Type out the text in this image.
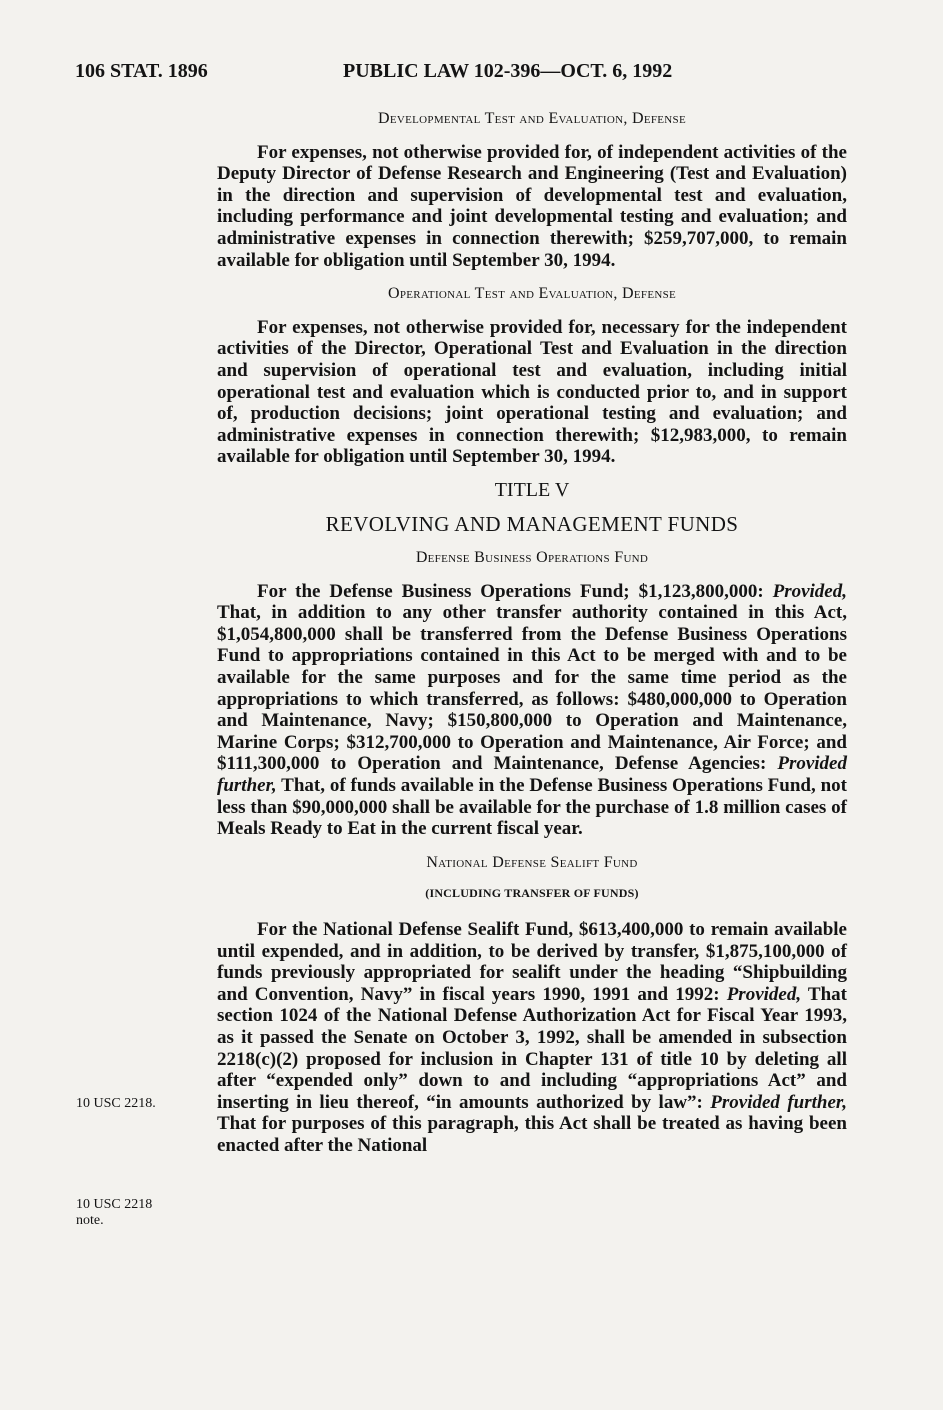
106 STAT. 1896	PUBLIC LAW 102-396—OCT. 6, 1992
Developmental Test and Evaluation, Defense

For expenses, not otherwise provided for, of independent activities of the Deputy Director of Defense Research and Engineering (Test and Evaluation) in the direction and supervision of developmental test and evaluation, including performance and joint developmental testing and evaluation; and administrative expenses in connection therewith; $259,707,000, to remain available for obligation until September 30, 1994.

Operational Test and Evaluation, Defense

For expenses, not otherwise provided for, necessary for the independent activities of the Director, Operational Test and Evaluation in the direction and supervision of operational test and evaluation, including initial operational test and evaluation which is conducted prior to, and in support of, production decisions; joint operational testing and evaluation; and administrative expenses in connection therewith; $12,983,000, to remain available for obligation until September 30, 1994.

TITLE V
REVOLVING AND MANAGEMENT FUNDS
Defense Business Operations Fund

For the Defense Business Operations Fund; $1,123,800,000: Provided, That, in addition to any other transfer authority contained in this Act, $1,054,800,000 shall be transferred from the Defense Business Operations Fund to appropriations contained in this Act to be merged with and to be available for the same purposes and for the same time period as the appropriations to which transferred, as follows: $480,000,000 to Operation and Maintenance, Navy; $150,800,000 to Operation and Maintenance, Marine Corps; $312,700,000 to Operation and Maintenance, Air Force; and $111,300,000 to Operation and Maintenance, Defense Agencies: Provided further, That, of funds available in the Defense Business Operations Fund, not less than $90,000,000 shall be available for the purchase of 1.8 million cases of Meals Ready to Eat in the current fiscal year.

National Defense Sealift Fund
(INCLUDING TRANSFER OF FUNDS)

For the National Defense Sealift Fund, $613,400,000 to remain available until expended, and in addition, to be derived by transfer, $1,875,100,000 of funds previously appropriated for sealift under the heading “Shipbuilding and Convention, Navy” in fiscal years 1990, 1991 and 1992: Provided, That section 1024 of the National Defense Authorization Act for Fiscal Year 1993, as it passed the Senate on October 3, 1992, shall be amended in subsection 2218(c)(2) proposed for inclusion in Chapter 131 of title 10 by deleting all after “expended only” down to and including “appropriations Act” and inserting in lieu thereof, “in amounts authorized by law”: Provided further, That for purposes of this paragraph, this Act shall be treated as having been enacted after the National

10 USC 2218.
10 USC 2218
note.
